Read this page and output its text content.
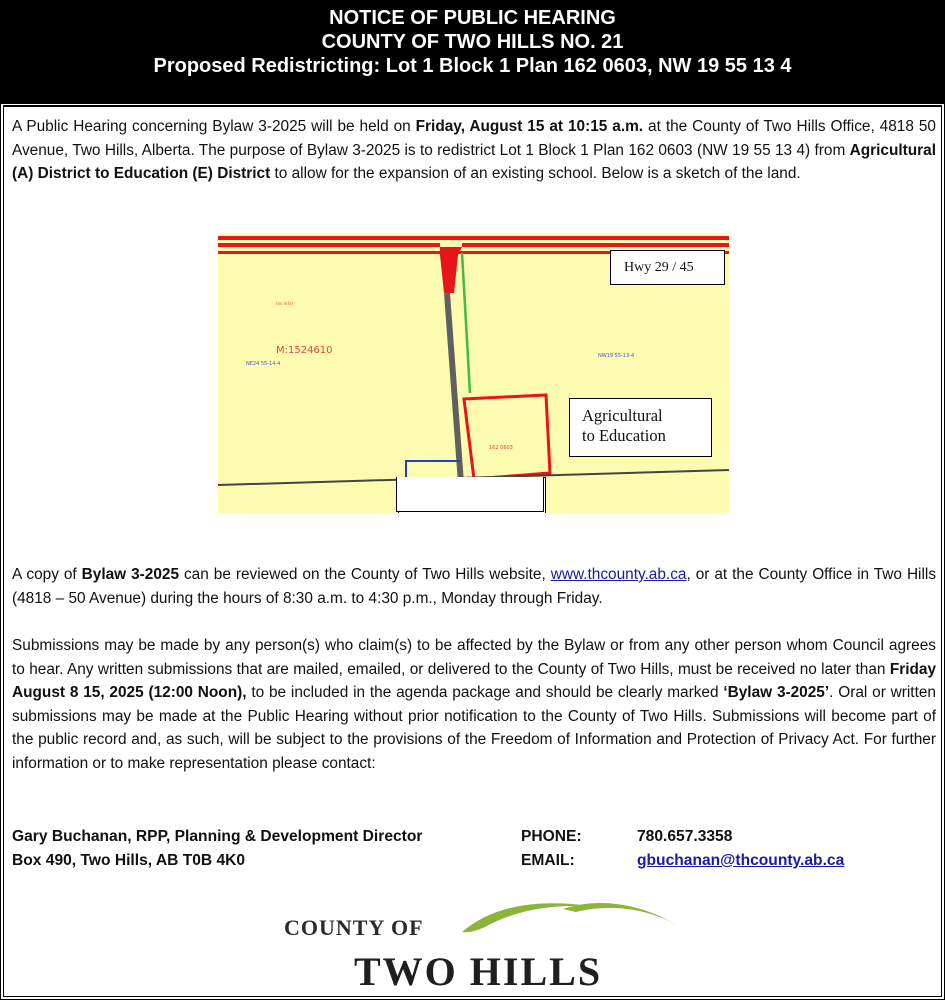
NOTICE OF PUBLIC HEARING
COUNTY OF TWO HILLS NO. 21
Proposed Redistricting: Lot 1 Block 1 Plan 162 0603, NW 19 55 13 4

A Public Hearing concerning Bylaw 3-2025 will be held on Friday, August 15 at 10:15 a.m. at the County of Two Hills Office, 4818 50 Avenue, Two Hills, Alberta. The purpose of Bylaw 3-2025 is to redistrict Lot 1 Block 1 Plan 162 0603 (NW 19 55 13 4) from Agricultural (A) District to Education (E) District to allow for the expansion of an existing school. Below is a sketch of the land.

(no info)
M:1524610
NE24 55-14-4
NW19 55-13-4
162 0603
Hwy 29 / 45
Agricultural
to Education

A copy of Bylaw 3-2025 can be reviewed on the County of Two Hills website, www.thcounty.ab.ca, or at the County Office in Two Hills (4818 – 50 Avenue) during the hours of 8:30 a.m. to 4:30 p.m., Monday through Friday.

Submissions may be made by any person(s) who claim(s) to be affected by the Bylaw or from any other person whom Council agrees to hear. Any written submissions that are mailed, emailed, or delivered to the County of Two Hills, must be received no later than Friday August 8 15, 2025 (12:00 Noon), to be included in the agenda package and should be clearly marked ‘Bylaw 3-2025’. Oral or written submissions may be made at the Public Hearing without prior notification to the County of Two Hills. Submissions will become part of the public record and, as such, will be subject to the provisions of the Freedom of Information and Protection of Privacy Act. For further information or to make representation please contact:

Gary Buchanan, RPP, Planning & Development Director
Box 490, Two Hills, AB T0B 4K0
PHONE:
EMAIL:
780.657.3358
gbuchanan@thcounty.ab.ca
COUNTY OF
TWO HILLS
